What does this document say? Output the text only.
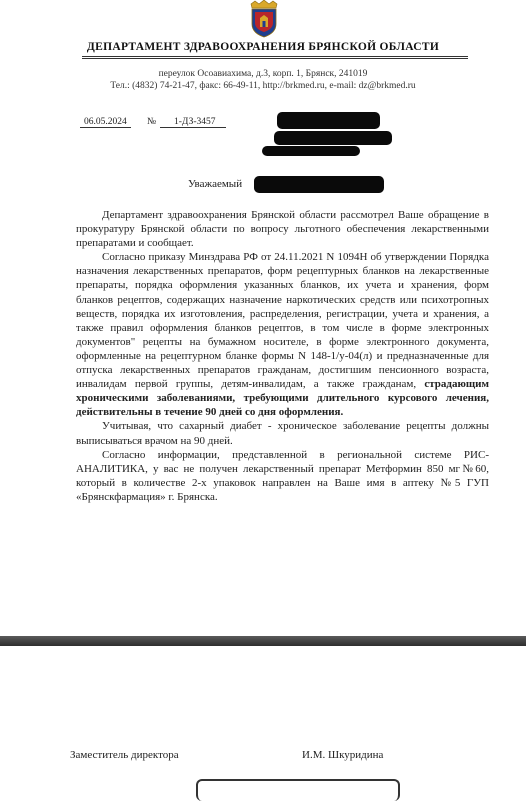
ДЕПАРТАМЕНТ ЗДРАВООХРАНЕНИЯ БРЯНСКОЙ ОБЛАСТИ
переулок Осоавиахима, д.3, корп. 1, Брянск, 241019
Тел.: (4832) 74-21-47, факс: 66-49-11, http://brkmed.ru, e-mail: dz@brkmed.ru
06.05.2024	№	1-ДЗ-3457
Уважаемый

Департамент здравоохранения Брянской области рассмотрел Ваше обращение в прокуратуру Брянской области по вопросу льготного обеспечения лекарственными препаратами и сообщает.

Согласно приказу Минздрава РФ от 24.11.2021 N 1094Н об утверждении Порядка назначения лекарственных препаратов, форм рецептурных бланков на лекарственные препараты, порядка оформления указанных бланков, их учета и хранения, форм бланков рецептов, содержащих назначение наркотических средств или психотропных веществ, порядка их изготовления, распределения, регистрации, учета и хранения, а также правил оформления бланков рецептов, в том числе в форме электронных документов" рецепты на бумажном носителе, в форме электронного документа, оформленные на рецептурном бланке формы N 148-1/у-04(л) и предназначенные для отпуска лекарственных препаратов гражданам, достигшим пенсионного возраста, инвалидам первой группы, детям-инвалидам, а также гражданам, страдающим хроническими заболеваниями, требующими длительного курсового лечения, действительны в течение 90 дней со дня оформления.

Учитывая, что сахарный диабет - хроническое заболевание рецепты должны выписываться врачом на 90 дней.

Согласно информации, представленной в региональной системе РИС-АНАЛИТИКА, у вас не получен лекарственный препарат Метформин 850 мг№60, который в количестве 2-х упаковок направлен на Ваше имя в аптеку №5 ГУП «Брянскфармация» г. Брянска.

Заместитель директора	И.М. Шкуридина
